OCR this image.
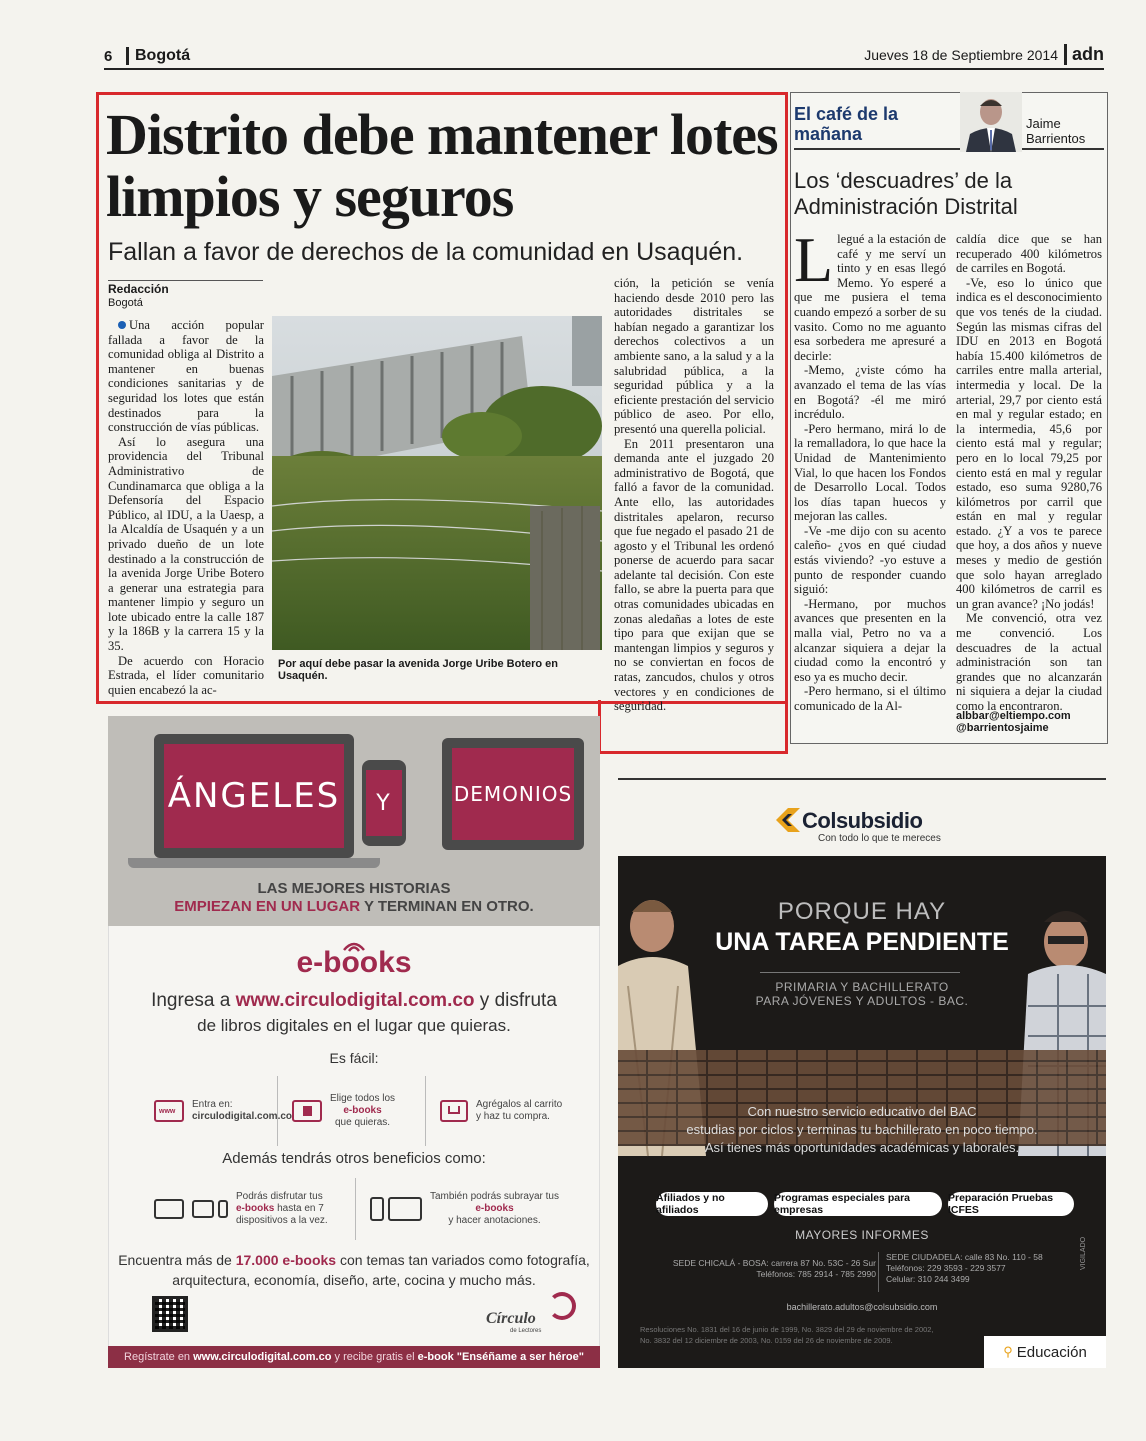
6	Bogotá	Jueves 18 de Septiembre 2014 adn
Distrito debe mantener lotes limpios y seguros
Fallan a favor de derechos de la comunidad en Usaquén.
Redacción
Bogotá

Una acción popular fallada a favor de la comunidad obliga al Distrito a mantener en buenas condiciones sanitarias y de seguridad los lotes que están destinados para la construcción de vías públicas.

Así lo asegura una providencia del Tribunal Administrativo de Cundinamarca que obliga a la Defensoría del Espacio Público, al IDU, a la Uaesp, a la Alcaldía de Usaquén y a un privado dueño de un lote destinado a la construcción de la avenida Jorge Uribe Botero a generar una estrategia para mantener limpio y seguro un lote ubicado entre la calle 187 y la 186B y la carrera 15 y la 35.

De acuerdo con Horacio Estrada, el líder comunitario quien encabezó la ac-

Por aquí debe pasar la avenida Jorge Uribe Botero en Usaquén.

ción, la petición se venía haciendo desde 2010 pero las autoridades distritales se habían negado a garantizar los derechos colectivos a un ambiente sano, a la salud y a la salubridad pública, a la seguridad pública y a la eficiente prestación del servicio público de aseo. Por ello, presentó una querella policial.

En 2011 presentaron una demanda ante el juzgado 20 administrativo de Bogotá, que falló a favor de la comunidad. Ante ello, las autoridades distritales apelaron, recurso que fue negado el pasado 21 de agosto y el Tribunal les ordenó ponerse de acuerdo para sacar adelante tal decisión. Con este fallo, se abre la puerta para que otras comunidades ubicadas en zonas aledañas a lotes de este tipo para que exijan que se mantengan limpios y seguros y no se conviertan en focos de ratas, zancudos, chulos y otros vectores y en condiciones de seguridad.

El café de la mañana
Jaime Barrientos
Los ‘descuadres’ de la Administración Distrital

Llegué a la estación de café y me serví un tinto y en esas llegó Memo. Yo esperé a que me pusiera el tema cuando empezó a sorber de su vasito. Como no me aguanto esa sorbedera me apresuré a decirle:

-Memo, ¿viste cómo ha avanzado el tema de las vías en Bogotá? -él me miró incrédulo.

-Pero hermano, mirá lo de la remalladora, lo que hace la Unidad de Mantenimiento Vial, lo que hacen los Fondos de Desarrollo Local. Todos los días tapan huecos y mejoran las calles.

-Ve -me dijo con su acento caleño- ¿vos en qué ciudad estás viviendo? -yo estuve a punto de responder cuando siguió:

-Hermano, por muchos avances que presenten en la malla vial, Petro no va a alcanzar siquiera a dejar la ciudad como la encontró y eso ya es mucho decir.

-Pero hermano, si el último comunicado de la Al-

caldía dice que se han recuperado 400 kilómetros de carriles en Bogotá.

-Ve, eso lo único que indica es el desconocimiento que vos tenés de la ciudad. Según las mismas cifras del IDU en 2013 en Bogotá había 15.400 kilómetros de carriles entre malla arterial, intermedia y local. De la arterial, 29,7 por ciento está en mal y regular estado; en la intermedia, 45,6 por ciento está mal y regular; pero en lo local 79,25 por ciento está en mal y regular estado, eso suma 9280,76 kilómetros por carril que están en mal y regular estado. ¿Y a vos te parece que hoy, a dos años y nueve meses y medio de gestión que solo hayan arreglado 400 kilómetros de carril es un gran avance? ¡No jodás!

Me convenció, otra vez me convenció. Los descuadres de la actual administración son tan grandes que no alcanzarán ni siquiera a dejar la ciudad como la encontraron.

albbar@eltiempo.com
@barrientosjaime
ÁNGELES	Y	DEMONIOS
LAS MEJORES HISTORIAS
EMPIEZAN EN UN LUGAR Y TERMINAN EN OTRO.
e-books
Ingresa a www.circulodigital.com.co y disfruta
de libros digitales en el lugar que quieras.
Es fácil:
www
Entra en:
circulodigital.com.co
Elige todos los
e-books
que quieras.
Agrégalos al carrito
y haz tu compra.
Además tendrás otros beneficios como:
Podrás disfrutar tus
e-books hasta en 7
dispositivos a la vez.
También podrás subrayar tus
e-books
y hacer anotaciones.
Encuentra más de 17.000 e-books con temas tan variados como fotografía,
arquitectura, economía, diseño, arte, cocina y mucho más.
Círculo
de Lectores
Regístrate en www.circulodigital.com.co y recibe gratis el e-book "Enséñame a ser héroe"
Colsubsidio
Con todo lo que te mereces
PORQUE HAY
UNA TAREA PENDIENTE
PRIMARIA Y BACHILLERATO
PARA JÓVENES Y ADULTOS - BAC.
Con nuestro servicio educativo del BAC
estudias por ciclos y terminas tu bachillerato en poco tiempo.
Así tienes más oportunidades académicas y laborales.
Afiliados y no afiliados
Programas especiales para empresas
Preparación Pruebas ICFES
MAYORES INFORMES
SEDE CHICALÁ - BOSA: carrera 87 No. 53C - 26 Sur
Teléfonos: 785 2914 - 785 2990
SEDE CIUDADELA: calle 83 No. 110 - 58
Teléfonos: 229 3593 - 229 3577
Celular: 310 244 3499
bachillerato.adultos@colsubsidio.com
Resoluciones No. 1831 del 16 de junio de 1999, No. 3829 del 29 de noviembre de 2002,
No. 3832 del 12 diciembre de 2003, No. 0159 del 26 de noviembre de 2009.
⚲ Educación
VIGILADO
